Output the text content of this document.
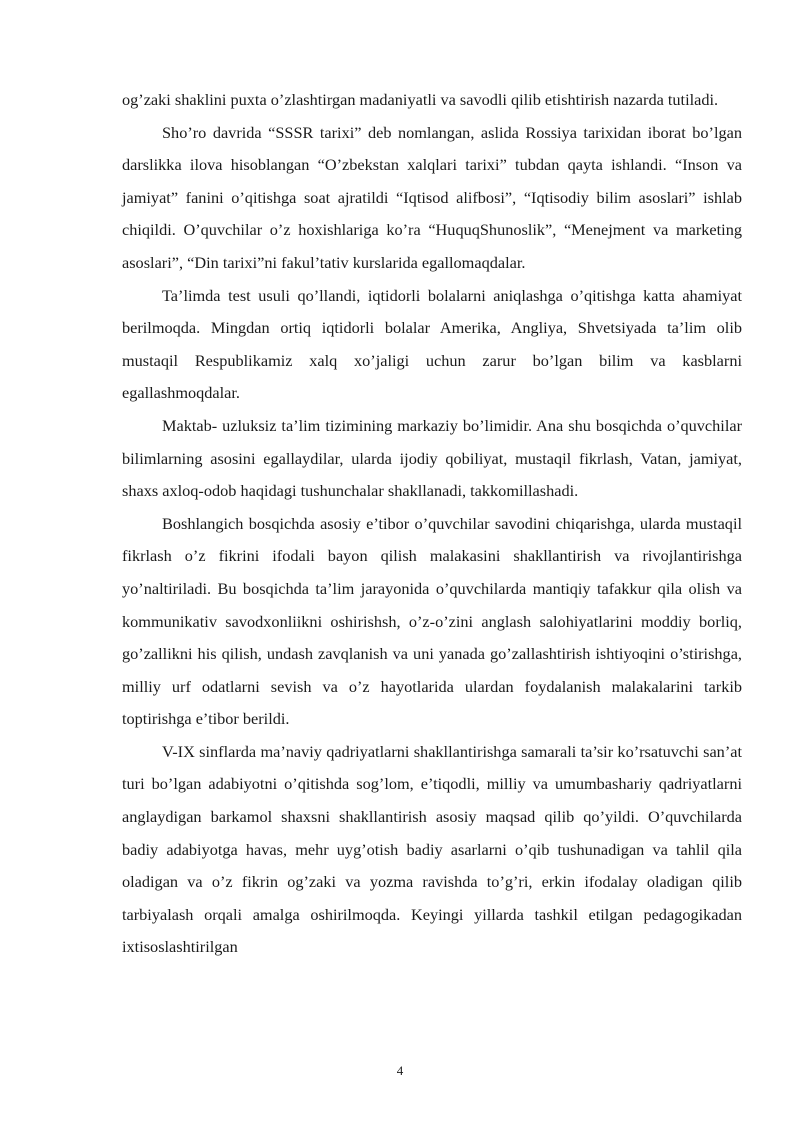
og’zaki shaklini puxta o’zlashtirgan madaniyatli va savodli qilib etishtirish nazarda tutiladi.

Sho’ro davrida “SSSR tarixi” deb nomlangan, aslida Rossiya tarixidan iborat bo’lgan darslikka ilova hisoblangan “O’zbekstan xalqlari tarixi” tubdan qayta ishlandi. “Inson va jamiyat” fanini o’qitishga soat ajratildi “Iqtisod alifbosi”, “Iqtisodiy bilim asoslari” ishlab chiqildi. O’quvchilar o’z hoxishlariga ko’ra “HuquqShunoslik”, “Menejment va marketing asoslari”, “Din tarixi”ni fakul’tativ kurslarida egallomaqdalar.

Ta’limda test usuli qo’llandi, iqtidorli bolalarni aniqlashga o’qitishga katta ahamiyat berilmoqda. Mingdan ortiq iqtidorli bolalar Amerika, Angliya, Shvetsiyada ta’lim olib mustaqil Respublikamiz xalq xo’jaligi uchun zarur bo’lgan bilim va kasblarni egallashmoqdalar.

Maktab- uzluksiz ta’lim tizimining markaziy bo’limidir. Ana shu bosqichda o’quvchilar bilimlarning asosini egallaydilar, ularda ijodiy qobiliyat, mustaqil fikrlash, Vatan, jamiyat, shaxs axloq-odob haqidagi tushunchalar shakllanadi, takkomillashadi.

Boshlangich bosqichda asosiy e’tibor o’quvchilar savodini chiqarishga, ularda mustaqil fikrlash o’z fikrini ifodali bayon qilish malakasini shakllantirish va rivojlantirishga yo’naltiriladi. Bu bosqichda ta’lim jarayonida o’quvchilarda mantiqiy tafakkur qila olish va kommunikativ savodxonliikni oshirishsh, o’z-o’zini anglash salohiyatlarini moddiy borliq, go’zallikni his qilish, undash zavqlanish va uni yanada go’zallashtirish ishtiyoqini o’stirishga, milliy urf odatlarni sevish va o’z hayotlarida ulardan foydalanish malakalarini tarkib toptirishga e’tibor berildi.

V-IX sinflarda ma’naviy qadriyatlarni shakllantirishga samarali ta’sir ko’rsatuvchi san’at turi bo’lgan adabiyotni o’qitishda sog’lom, e’tiqodli, milliy va umumbashariy qadriyatlarni anglaydigan barkamol shaxsni shakllantirish asosiy maqsad qilib qo’yildi. O’quvchilarda badiy adabiyotga havas, mehr uyg’otish badiy asarlarni o’qib tushunadigan va tahlil qila oladigan va o’z fikrin og’zaki va yozma ravishda to’g’ri, erkin ifodalay oladigan qilib tarbiyalash orqali amalga oshirilmoqda. Keyingi yillarda tashkil etilgan pedagogikadan ixtisoslashtirilgan

4
